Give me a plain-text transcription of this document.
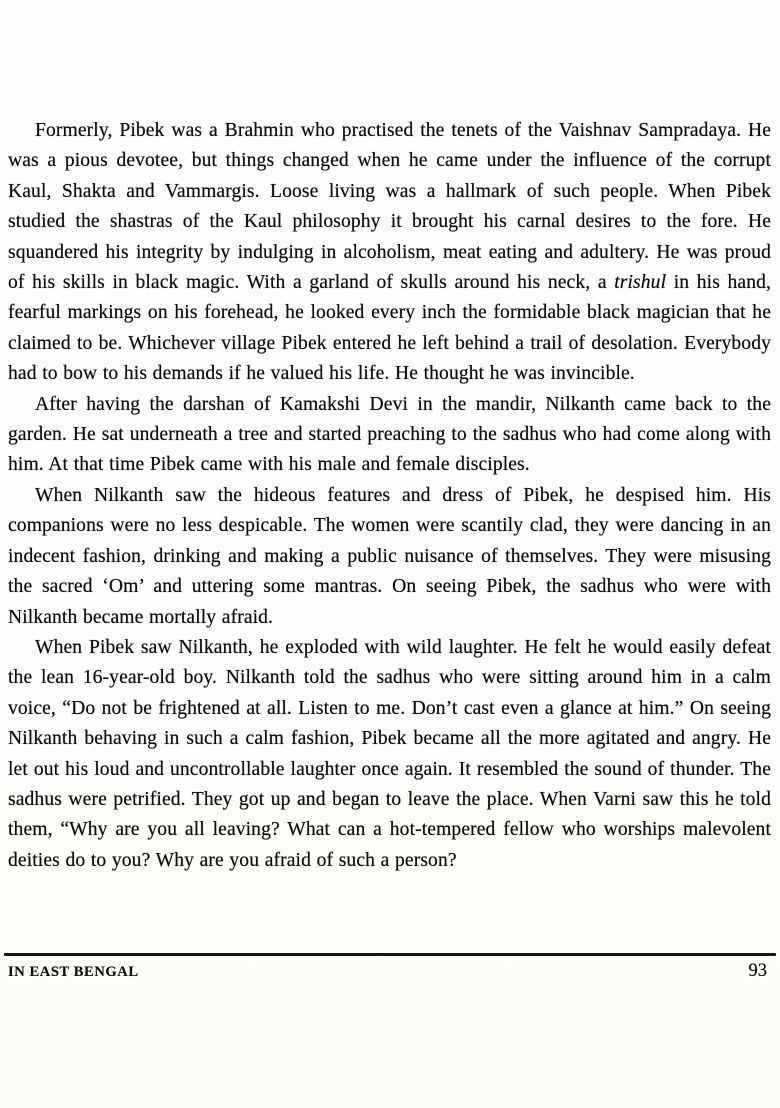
Formerly, Pibek was a Brahmin who practised the tenets of the Vaishnav Sampradaya. He was a pious devotee, but things changed when he came under the influence of the corrupt Kaul, Shakta and Vammargis. Loose living was a hallmark of such people. When Pibek studied the shastras of the Kaul philosophy it brought his carnal desires to the fore. He squandered his integrity by indulging in alcoholism, meat eating and adultery. He was proud of his skills in black magic. With a garland of skulls around his neck, a trishul in his hand, fearful markings on his forehead, he looked every inch the formidable black magician that he claimed to be. Whichever village Pibek entered he left behind a trail of desolation. Everybody had to bow to his demands if he valued his life. He thought he was invincible.

After having the darshan of Kamakshi Devi in the mandir, Nilkanth came back to the garden. He sat underneath a tree and started preaching to the sadhus who had come along with him. At that time Pibek came with his male and female disciples.

When Nilkanth saw the hideous features and dress of Pibek, he despised him. His companions were no less despicable. The women were scantily clad, they were dancing in an indecent fashion, drinking and making a public nuisance of themselves. They were misusing the sacred ‘Om’ and uttering some mantras. On seeing Pibek, the sadhus who were with Nilkanth became mortally afraid.

When Pibek saw Nilkanth, he exploded with wild laughter. He felt he would easily defeat the lean 16-year-old boy. Nilkanth told the sadhus who were sitting around him in a calm voice, “Do not be frightened at all. Listen to me. Don’t cast even a glance at him.” On seeing Nilkanth behaving in such a calm fashion, Pibek became all the more agitated and angry. He let out his loud and uncontrollable laughter once again. It resembled the sound of thunder. The sadhus were petrified. They got up and began to leave the place. When Varni saw this he told them, “Why are you all leaving? What can a hot-tempered fellow who worships malevolent deities do to you? Why are you afraid of such a person?

IN EAST BENGAL	93
